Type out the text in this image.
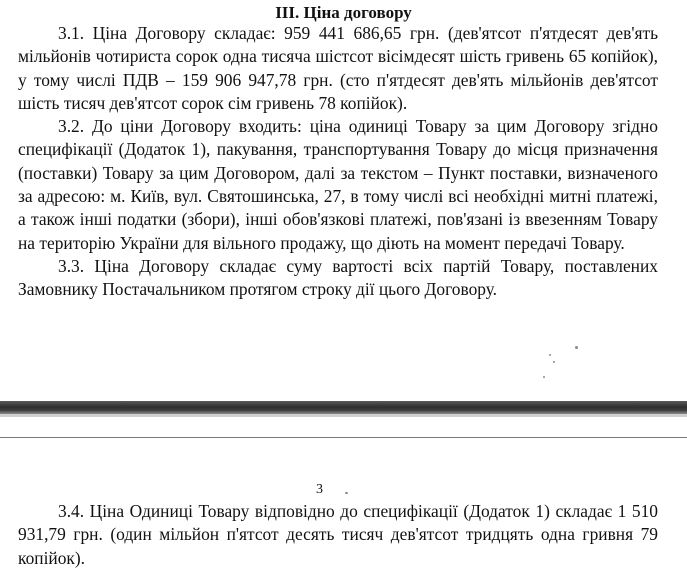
III. Ціна договору

3.1. Ціна Договору складає: 959 441 686,65 грн. (дев'ятсот п'ятдесят дев'ять мільйонів чотириста сорок одна тисяча шістсот вісімдесят шість гривень 65 копійок), у тому числі ПДВ – 159 906 947,78 грн. (сто п'ятдесят дев'ять мільйонів дев'ятсот шість тисяч дев'ятсот сорок сім гривень 78 копійок).

3.2. До ціни Договору входить: ціна одиниці Товару за цим Договору згідно специфікації (Додаток 1), пакування, транспортування Товару до місця призначення (поставки) Товару за цим Договором, далі за текстом – Пункт поставки, визначеного за адресою: м. Київ, вул. Святошинська, 27, в тому числі всі необхідні митні платежі, а також інші податки (збори), інші обов'язкові платежі, пов'язані із ввезенням Товару на територію України для вільного продажу, що діють на момент передачі Товару.

3.3. Ціна Договору складає суму вартості всіх партій Товару, поставлених Замовнику Постачальником протягом строку дії цього Договору.

3

3.4. Ціна Одиниці Товару відповідно до специфікації (Додаток 1) складає 1 510 931,79 грн. (один мільйон п'ятсот десять тисяч дев'ятсот тридцять одна гривня 79 копійок).
